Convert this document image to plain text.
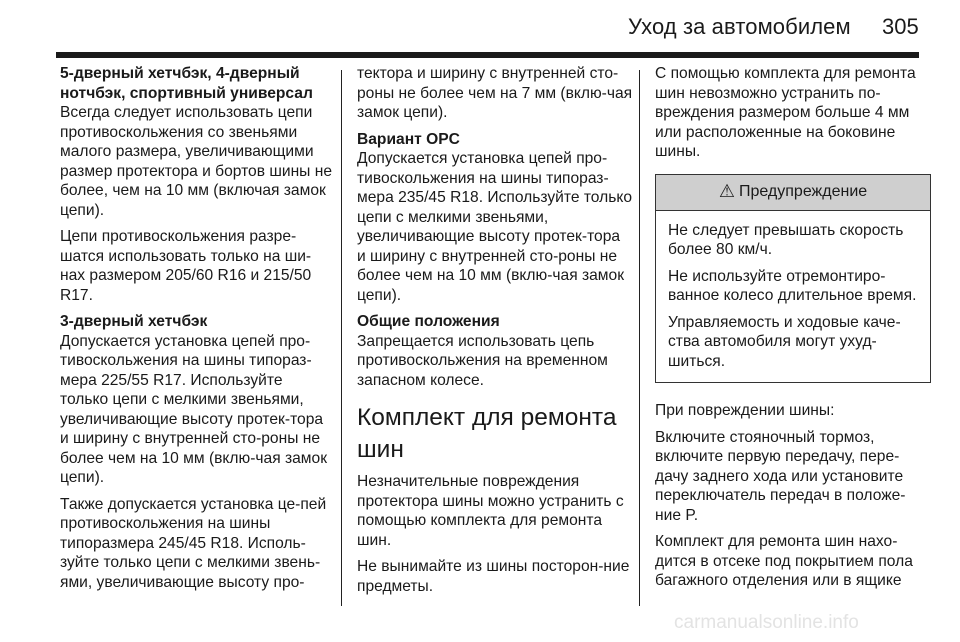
Уход за автомобилем 305
5-дверный хетчбэк, 4-дверный нотчбэк, спортивный универсал

Всегда следует использовать цепи противоскольжения со звеньями малого размера, увеличивающими размер протектора и бортов шины не более, чем на 10 мм (включая замок цепи).

Цепи противоскольжения разре-шатся использовать только на ши-нах размером 205/60 R16 и 215/50 R17.

3-дверный хетчбэк

Допускается установка цепей про-тивоскольжения на шины типораз-мера 225/55 R17. Используйте только цепи с мелкими звеньями, увеличивающие высоту протек-тора и ширину с внутренней сто-роны не более чем на 10 мм (вклю-чая замок цепи).

Также допускается установка це-пей противоскольжения на шины типоразмера 245/45 R18. Исполь-зуйте только цепи с мелкими звень-ями, увеличивающие высоту про-

тектора и ширину с внутренней сто-роны не более чем на 7 мм (вклю-чая замок цепи).

Вариант OPC

Допускается установка цепей про-тивоскольжения на шины типораз-мера 235/45 R18. Используйте только цепи с мелкими звеньями, увеличивающие высоту протек-тора и ширину с внутренней сто-роны не более чем на 10 мм (вклю-чая замок цепи).

Общие положения

Запрещается использовать цепь противоскольжения на временном запасном колесе.

Комплект для ремонта шин

Незначительные повреждения протектора шины можно устранить с помощью комплекта для ремонта шин.

Не вынимайте из шины посторон-ние предметы.

С помощью комплекта для ремонта шин невозможно устранить по-вреждения размером больше 4 мм или расположенные на боковине шины.

⚠ Предупреждение

Не следует превышать скорость более 80 км/ч.

Не используйте отремонтиро-ванное колесо длительное время.

Управляемость и ходовые каче-ства автомобиля могут ухуд-шиться.

При повреждении шины:

Включите стояночный тормоз, включите первую передачу, пере-дачу заднего хода или установите переключатель передач в положе-ние P.

Комплект для ремонта шин нахо-дится в отсеке под покрытием пола багажного отделения или в ящике

carmanualsonline.info
